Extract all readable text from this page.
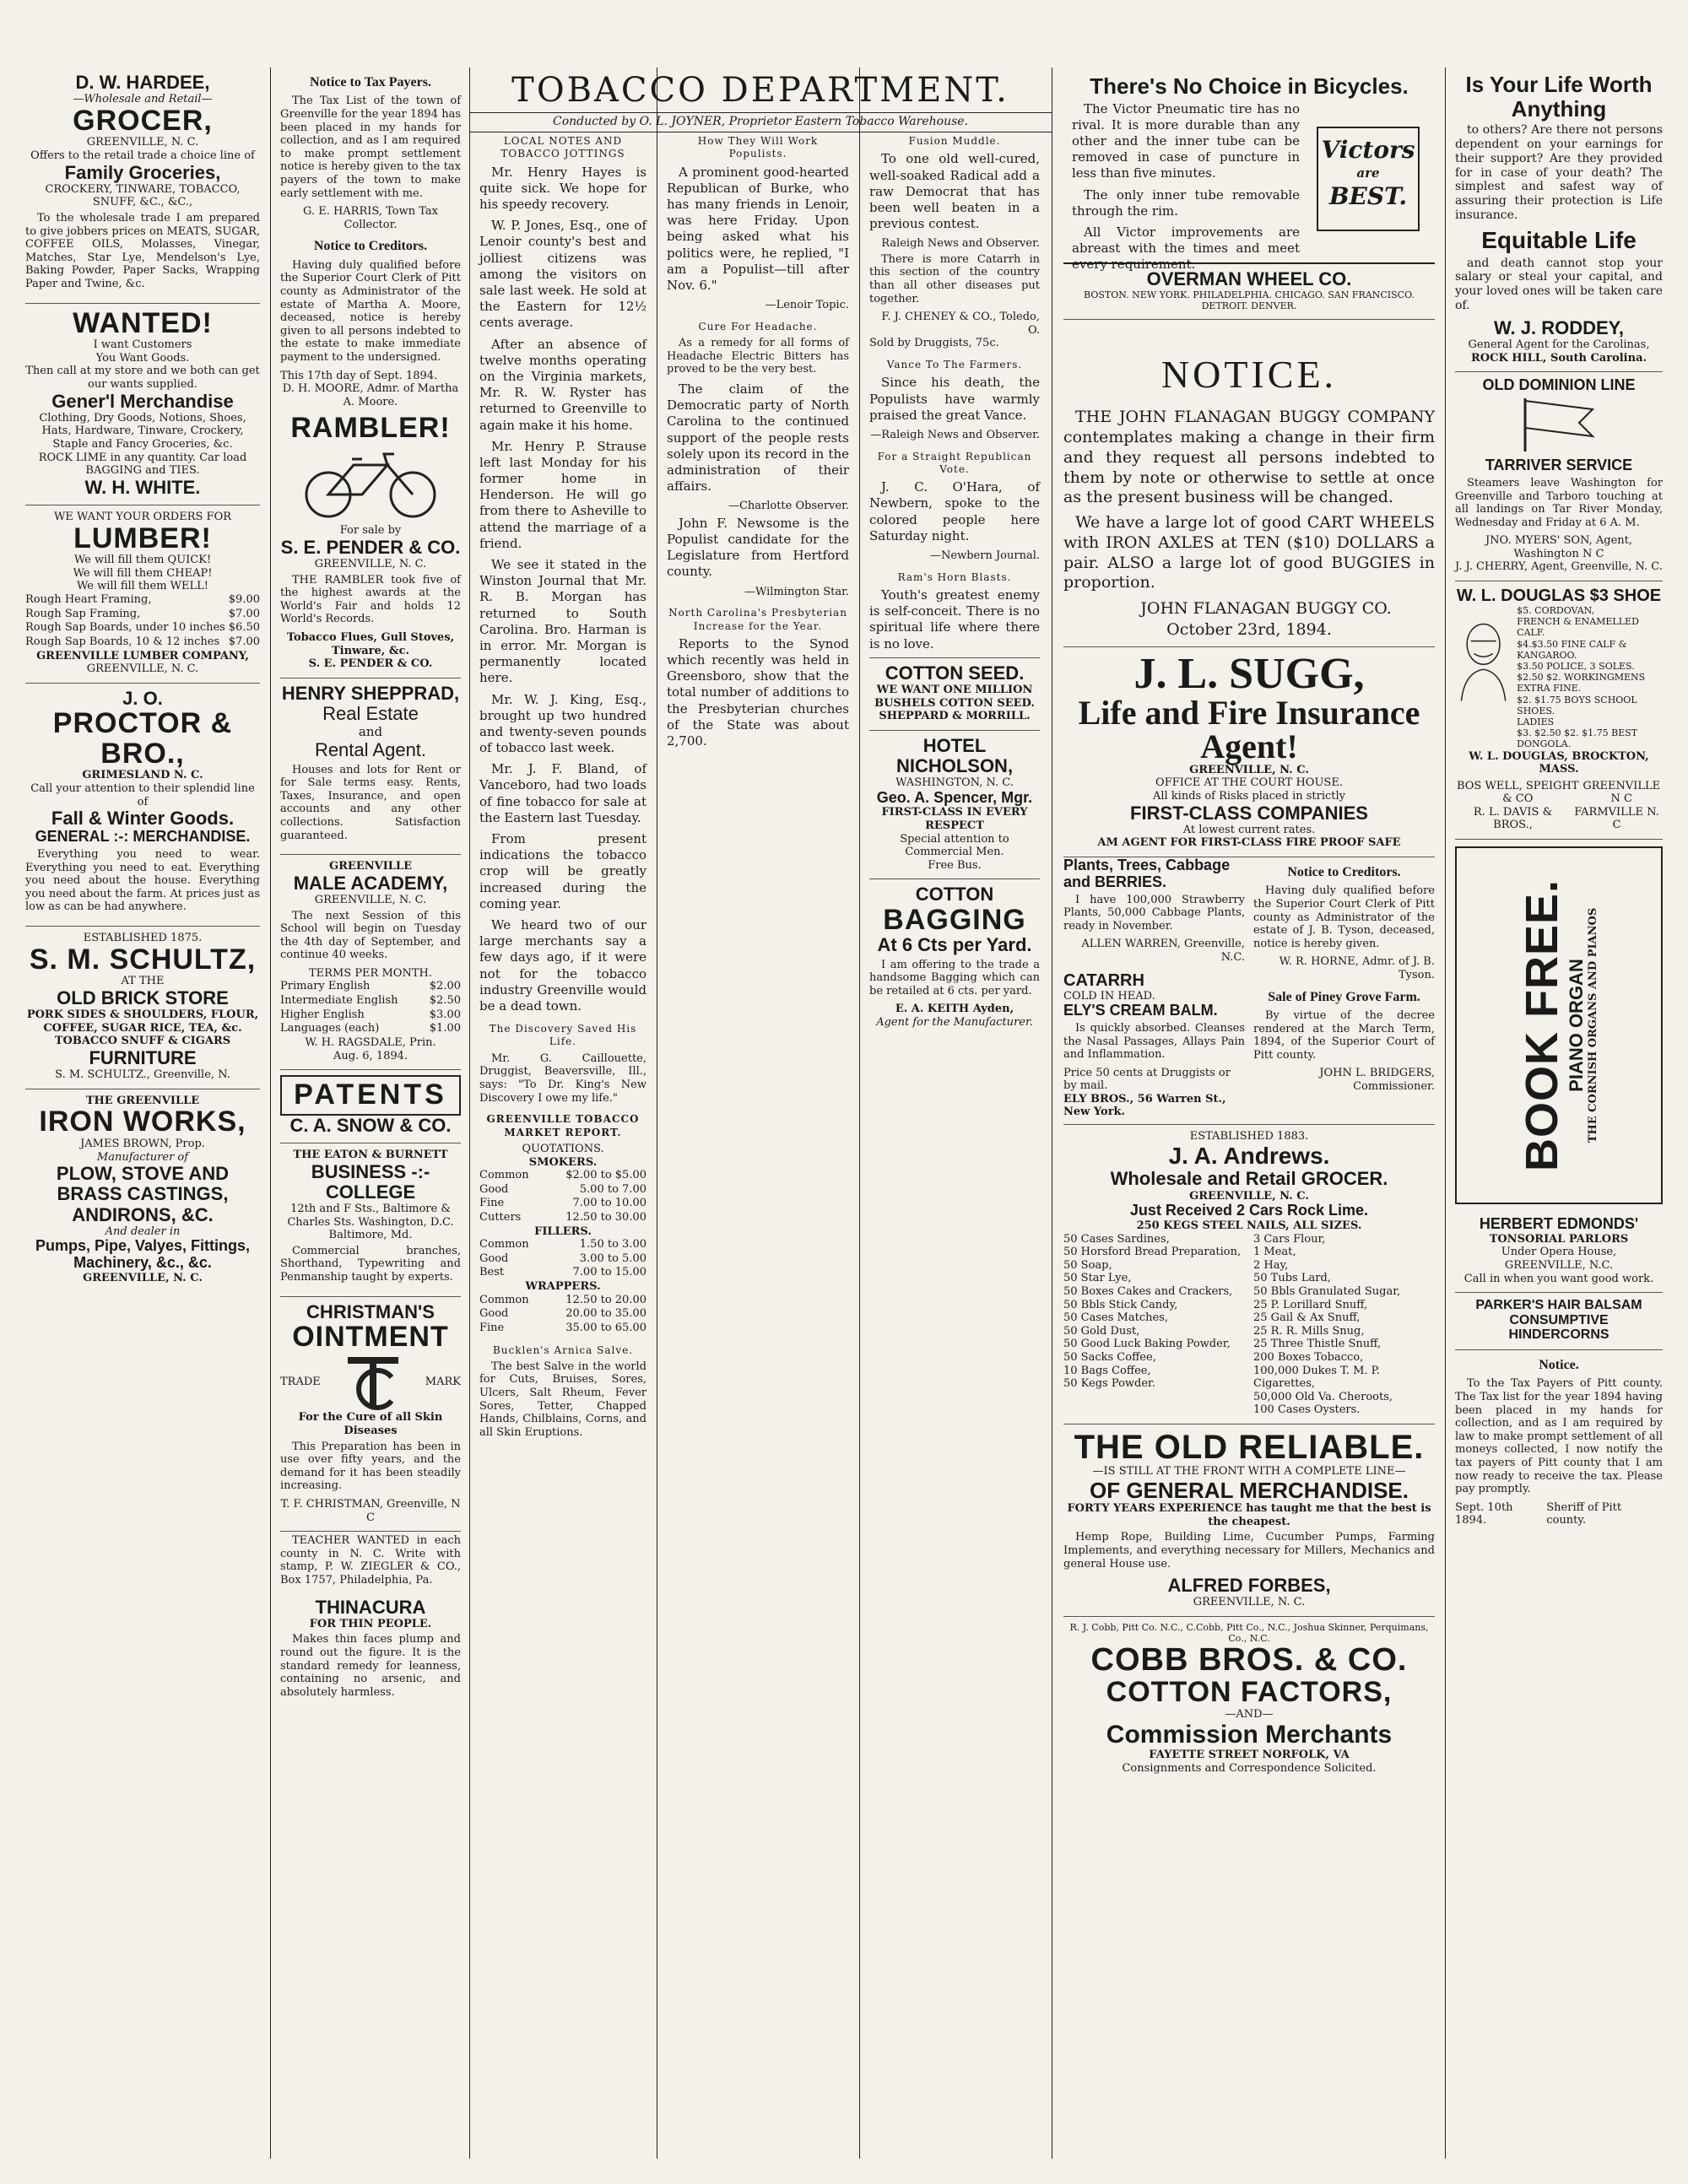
TOBACCO DEPARTMENT.
Conducted by O. L. JOYNER, Proprietor Eastern Tobacco Warehouse.
D. W. HARDEE,
—Wholesale and Retail—
GROCER,
GREENVILLE, N. C.
Offers to the retail trade a choice line of
Family Groceries,
CROCKERY, TINWARE, TOBACCO, SNUFF, &C., &C.,

To the wholesale trade I am prepared to give jobbers prices on MEATS, SUGAR, COFFEE OILS, Molasses, Vinegar, Matches, Star Lye, Mendelson's Lye, Baking Powder, Paper Sacks, Wrapping Paper and Twine, &c.

WANTED!
I want Customers
You Want Goods.
Then call at my store and we both can get our wants supplied.
Gener'l Merchandise
Clothing, Dry Goods, Notions, Shoes, Hats, Hardware, Tinware, Crockery, Staple and Fancy Groceries, &c.
ROCK LIME in any quantity. Car load BAGGING and TIES.
W. H. WHITE.
WE WANT YOUR ORDERS FOR
LUMBER!
We will fill them QUICK!
We will fill them CHEAP!
We will fill them WELL!
Rough Heart Framing,	$9.00
Rough Sap Framing,	$7.00
Rough Sap Boards, under 10 inches $6.50
Rough Sap Boards, 10 & 12 inches $7.00
GREENVILLE LUMBER COMPANY,
GREENVILLE, N. C.
J. O.
PROCTOR & BRO.,
GRIMESLAND N. C.
Call your attention to their splendid line of
Fall & Winter Goods.
GENERAL :-: MERCHANDISE.

Everything you need to wear. Everything you need to eat. Everything you need about the house. Everything you need about the farm. At prices just as low as can be had anywhere.

ESTABLISHED 1875.
S. M. SCHULTZ,
AT THE
OLD BRICK STORE
PORK SIDES & SHOULDERS, FLOUR, COFFEE, SUGAR RICE, TEA, &c.
TOBACCO SNUFF & CIGARS
FURNITURE
S. M. SCHULTZ., Greenville, N.
THE GREENVILLE
IRON WORKS,
JAMES BROWN, Prop.
Manufacturer of
PLOW, STOVE AND BRASS CASTINGS, ANDIRONS, &C.
And dealer in
Pumps, Pipe, Valyes, Fittings, Machinery, &c., &c.
GREENVILLE, N. C.
Notice to Tax Payers.

The Tax List of the town of Greenville for the year 1894 has been placed in my hands for collection, and as I am required to make prompt settlement notice is hereby given to the tax payers of the town to make early settlement with me.

G. E. HARRIS, Town Tax Collector.
Notice to Creditors.

Having duly qualified before the Superior Court Clerk of Pitt county as Administrator of the estate of Martha A. Moore, deceased, notice is hereby given to all persons indebted to the estate to make immediate payment to the undersigned.

This 17th day of Sept. 1894.
D. H. MOORE, Admr. of Martha A. Moore.
RAMBLER!
For sale by
S. E. PENDER & CO.
GREENVILLE, N. C.

THE RAMBLER took five of the highest awards at the World's Fair and holds 12 World's Records.

Tobacco Flues, Gull Stoves, Tinware, &c.
S. E. PENDER & CO.
HENRY SHEPPRAD,
Real Estate
and
Rental Agent.

Houses and lots for Rent or for Sale terms easy. Rents, Taxes, Insurance, and open accounts and any other collections. Satisfaction guaranteed.

GREENVILLE
MALE ACADEMY,
GREENVILLE, N. C.

The next Session of this School will begin on Tuesday the 4th day of September, and continue 40 weeks.

TERMS PER MONTH.
Primary English	$2.00
Intermediate English	$2.50
Higher English	$3.00
Languages (each)	$1.00
W. H. RAGSDALE, Prin.
Aug. 6, 1894.
PATENTS
C. A. SNOW & CO.
THE EATON & BURNETT
BUSINESS -:- COLLEGE
12th and F Sts., Baltimore & Charles Sts. Washington, D.C. Baltimore, Md.

Commercial branches, Shorthand, Typewriting and Penmanship taught by experts.

CHRISTMAN'S
OINTMENT
TRADE	MARK
For the Cure of all Skin Diseases

This Preparation has been in use over fifty years, and the demand for it has been steadily increasing.

T. F. CHRISTMAN, Greenville, N C

TEACHER WANTED in each county in N. C. Write with stamp, P. W. ZIEGLER & CO., Box 1757, Philadelphia, Pa.

THINACURA
FOR THIN PEOPLE.

Makes thin faces plump and round out the figure. It is the standard remedy for leanness, containing no arsenic, and absolutely harmless.

LOCAL NOTES AND TOBACCO JOTTINGS

Mr. Henry Hayes is quite sick. We hope for his speedy recovery.

W. P. Jones, Esq., one of Lenoir county's best and jolliest citizens was among the visitors on sale last week. He sold at the Eastern for 12½ cents average.

After an absence of twelve months operating on the Virginia markets, Mr. R. W. Ryster has returned to Greenville to again make it his home.

Mr. Henry P. Strause left last Monday for his former home in Henderson. He will go from there to Asheville to attend the marriage of a friend.

We see it stated in the Winston Journal that Mr. R. B. Morgan has returned to South Carolina. Bro. Harman is in error. Mr. Morgan is permanently located here.

Mr. W. J. King, Esq., brought up two hundred and twenty-seven pounds of tobacco last week.

Mr. J. F. Bland, of Vanceboro, had two loads of fine tobacco for sale at the Eastern last Tuesday.

From present indications the tobacco crop will be greatly increased during the coming year.

We heard two of our large merchants say a few days ago, if it were not for the tobacco industry Greenville would be a dead town.

The Discovery Saved His Life.

Mr. G. Caillouette, Druggist, Beaversville, Ill., says: "To Dr. King's New Discovery I owe my life."

GREENVILLE TOBACCO MARKET REPORT.
QUOTATIONS.
SMOKERS.
Common	$2.00 to $5.00
Good	5.00 to 7.00
Fine	7.00 to 10.00
Cutters	12.50 to 30.00
FILLERS.
Common	1.50 to 3.00
Good	3.00 to 5.00
Best	7.00 to 15.00
WRAPPERS.
Common	12.50 to 20.00
Good	20.00 to 35.00
Fine	35.00 to 65.00
Bucklen's Arnica Salve.

The best Salve in the world for Cuts, Bruises, Sores, Ulcers, Salt Rheum, Fever Sores, Tetter, Chapped Hands, Chilblains, Corns, and all Skin Eruptions.

How They Will Work Populists.

A prominent good-hearted Republican of Burke, who has many friends in Lenoir, was here Friday. Upon being asked what his politics were, he replied, "I am a Populist—till after Nov. 6."

—Lenoir Topic.
Cure For Headache.

As a remedy for all forms of Headache Electric Bitters has proved to be the very best.

The claim of the Democratic party of North Carolina to the continued support of the people rests solely upon its record in the administration of their affairs.

—Charlotte Observer.

John F. Newsome is the Populist candidate for the Legislature from Hertford county.

—Wilmington Star.
North Carolina's Presbyterian Increase for the Year.

Reports to the Synod which recently was held in Greensboro, show that the total number of additions to the Presbyterian churches of the State was about 2,700.

Fusion Muddle.

To one old well-cured, well-soaked Radical add a raw Democrat that has been well beaten in a previous contest.

Raleigh News and Observer.

There is more Catarrh in this section of the country than all other diseases put together.

F. J. CHENEY & CO., Toledo, O.
Sold by Druggists, 75c.
Vance To The Farmers.

Since his death, the Populists have warmly praised the great Vance.

—Raleigh News and Observer.
For a Straight Republican Vote.

J. C. O'Hara, of Newbern, spoke to the colored people here Saturday night.

—Newbern Journal.
Ram's Horn Blasts.

Youth's greatest enemy is self-conceit. There is no spiritual life where there is no love.

COTTON SEED.
WE WANT ONE MILLION BUSHELS COTTON SEED.
SHEPPARD & MORRILL.
HOTEL NICHOLSON,
WASHINGTON, N. C.
Geo. A. Spencer, Mgr.
FIRST-CLASS IN EVERY RESPECT
Special attention to Commercial Men.
Free Bus.
COTTON
BAGGING
At 6 Cts per Yard.

I am offering to the trade a handsome Bagging which can be retailed at 6 cts. per yard.

E. A. KEITH Ayden,
Agent for the Manufacturer.
There's No Choice in Bicycles.

The Victor Pneumatic tire has no rival. It is more durable than any other and the inner tube can be removed in case of puncture in less than five minutes.

The only inner tube removable through the rim.

All Victor improvements are abreast with the times and meet every requirement.

Victors
are
BEST.
OVERMAN WHEEL CO.
BOSTON. NEW YORK. PHILADELPHIA. CHICAGO. SAN FRANCISCO. DETROIT. DENVER.
NOTICE.

THE JOHN FLANAGAN BUGGY COMPANY contemplates making a change in their firm and they request all persons indebted to them by note or otherwise to settle at once as the present business will be changed.

We have a large lot of good CART WHEELS with IRON AXLES at TEN ($10) DOLLARS a pair. ALSO a large lot of good BUGGIES in proportion.

JOHN FLANAGAN BUGGY CO.
October 23rd, 1894.
J. L. SUGG,
Life and Fire Insurance Agent!
GREENVILLE, N. C.
OFFICE AT THE COURT HOUSE.
All kinds of Risks placed in strictly
FIRST-CLASS COMPANIES
At lowest current rates.
AM AGENT FOR FIRST-CLASS FIRE PROOF SAFE
Plants, Trees, Cabbage and BERRIES.

I have 100,000 Strawberry Plants, 50,000 Cabbage Plants, ready in November.

ALLEN WARREN, Greenville, N.C.
CATARRH
COLD IN HEAD.
ELY'S CREAM BALM.

Is quickly absorbed. Cleanses the Nasal Passages, Allays Pain and Inflammation.

Price 50 cents at Druggists or by mail.
ELY BROS., 56 Warren St., New York.
Notice to Creditors.

Having duly qualified before the Superior Court Clerk of Pitt county as Administrator of the estate of J. B. Tyson, deceased, notice is hereby given.

W. R. HORNE, Admr. of J. B. Tyson.
Sale of Piney Grove Farm.

By virtue of the decree rendered at the March Term, 1894, of the Superior Court of Pitt county.

JOHN L. BRIDGERS, Commissioner.
ESTABLISHED 1883.
J. A. Andrews.
Wholesale and Retail GROCER.
GREENVILLE, N. C.
Just Received 2 Cars Rock Lime.
250 KEGS STEEL NAILS, ALL SIZES.
50 Cases Sardines,
50 Horsford Bread Preparation,
50 Soap,
50 Star Lye,
50 Boxes Cakes and Crackers,
50 Bbls Stick Candy,
50 Cases Matches,
50 Gold Dust,
50 Good Luck Baking Powder,
50 Sacks Coffee,
10 Bags Coffee,
50 Kegs Powder.
3 Cars Flour,
1 Meat,
2 Hay,
50 Tubs Lard,
50 Bbls Granulated Sugar,
25 P. Lorillard Snuff,
25 Gail & Ax Snuff,
25 R. R. Mills Snug,
25 Three Thistle Snuff,
200 Boxes Tobacco,
100,000 Dukes T. M. P. Cigarettes,
50,000 Old Va. Cheroots,
100 Cases Oysters.
THE OLD RELIABLE.
—IS STILL AT THE FRONT WITH A COMPLETE LINE—
OF GENERAL MERCHANDISE.
FORTY YEARS EXPERIENCE has taught me that the best is the cheapest.

Hemp Rope, Building Lime, Cucumber Pumps, Farming Implements, and everything necessary for Millers, Mechanics and general House use.

ALFRED FORBES,
GREENVILLE, N. C.
R. J. Cobb, Pitt Co. N.C., C.Cobb, Pitt Co., N.C., Joshua Skinner, Perquimans, Co., N.C.
COBB BROS. & CO.
COTTON FACTORS,
—AND—
Commission Merchants
FAYETTE STREET NORFOLK, VA
Consignments and Correspondence Solicited.
Is Your Life Worth Anything

to others? Are there not persons dependent on your earnings for their support? Are they provided for in case of your death? The simplest and safest way of assuring their protection is Life insurance.

Equitable Life

and death cannot stop your salary or steal your capital, and your loved ones will be taken care of.

W. J. RODDEY,
General Agent for the Carolinas,
ROCK HILL, South Carolina.
OLD DOMINION LINE
TARRIVER SERVICE

Steamers leave Washington for Greenville and Tarboro touching at all landings on Tar River Monday, Wednesday and Friday at 6 A. M.

JNO. MYERS' SON, Agent, Washington N C
J. J. CHERRY, Agent, Greenville, N. C.
W. L. DOUGLAS $3 SHOE
$5. CORDOVAN,
FRENCH & ENAMELLED CALF.
$4.$3.50 FINE CALF & KANGAROO.
$3.50 POLICE, 3 SOLES.
$2.50 $2. WORKINGMENS EXTRA FINE.
$2. $1.75 BOYS SCHOOL SHOES.
LADIES
$3. $2.50 $2. $1.75 BEST DONGOLA.
W. L. DOUGLAS, BROCKTON, MASS.
BOS WELL, SPEIGHT & CO
GREENVILLE N C
R. L. DAVIS & BROS.,
FARMVILLE N. C
BOOK FREE.
PIANO ORGAN THE CORNISH ORGANS AND PIANOS
HERBERT EDMONDS'
TONSORIAL PARLORS
Under Opera House,
GREENVILLE, N.C.
Call in when you want good work.
PARKER'S HAIR BALSAM
CONSUMPTIVE
HINDERCORNS
Notice.

To the Tax Payers of Pitt county. The Tax list for the year 1894 having been placed in my hands for collection, and as I am required by law to make prompt settlement of all moneys collected, I now notify the tax payers of Pitt county that I am now ready to receive the tax. Please pay promptly.

Sept. 10th 1894.
Sheriff of Pitt county.
